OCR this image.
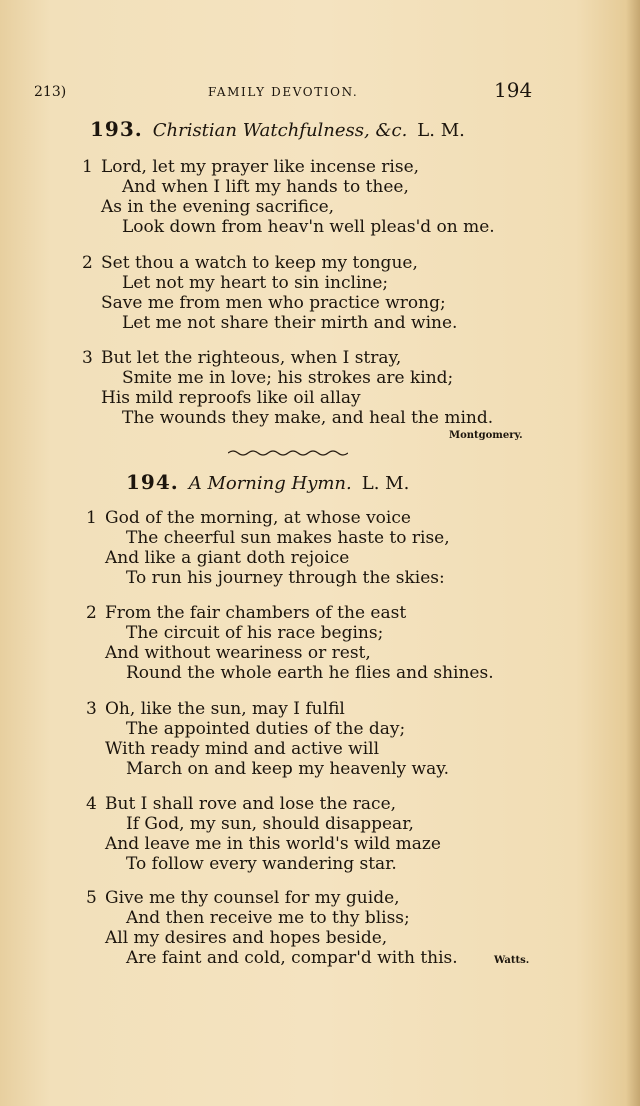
213)	FAMILY DEVOTION.	194
193. Christian Watchfulness, &c. L. M.
1 Lord, let my prayer like incense rise,
And when I lift my hands to thee,
As in the evening sacrifice,
Look down from heav'n well pleas'd on me.
2 Set thou a watch to keep my tongue,
Let not my heart to sin incline;
Save me from men who practice wrong;
Let me not share their mirth and wine.
3 But let the righteous, when I stray,
Smite me in love; his strokes are kind;
His mild reproofs like oil allay
The wounds they make, and heal the mind.
Montgomery.
194. A Morning Hymn. L. M.
1 God of the morning, at whose voice
The cheerful sun makes haste to rise,
And like a giant doth rejoice
To run his journey through the skies:
2 From the fair chambers of the east
The circuit of his race begins;
And without weariness or rest,
Round the whole earth he flies and shines.
3 Oh, like the sun, may I fulfil
The appointed duties of the day;
With ready mind and active will
March on and keep my heavenly way.
4 But I shall rove and lose the race,
If God, my sun, should disappear,
And leave me in this world's wild maze
To follow every wandering star.
5 Give me thy counsel for my guide,
And then receive me to thy bliss;
All my desires and hopes beside,
Are faint and cold, compar'd with this.	Watts.
